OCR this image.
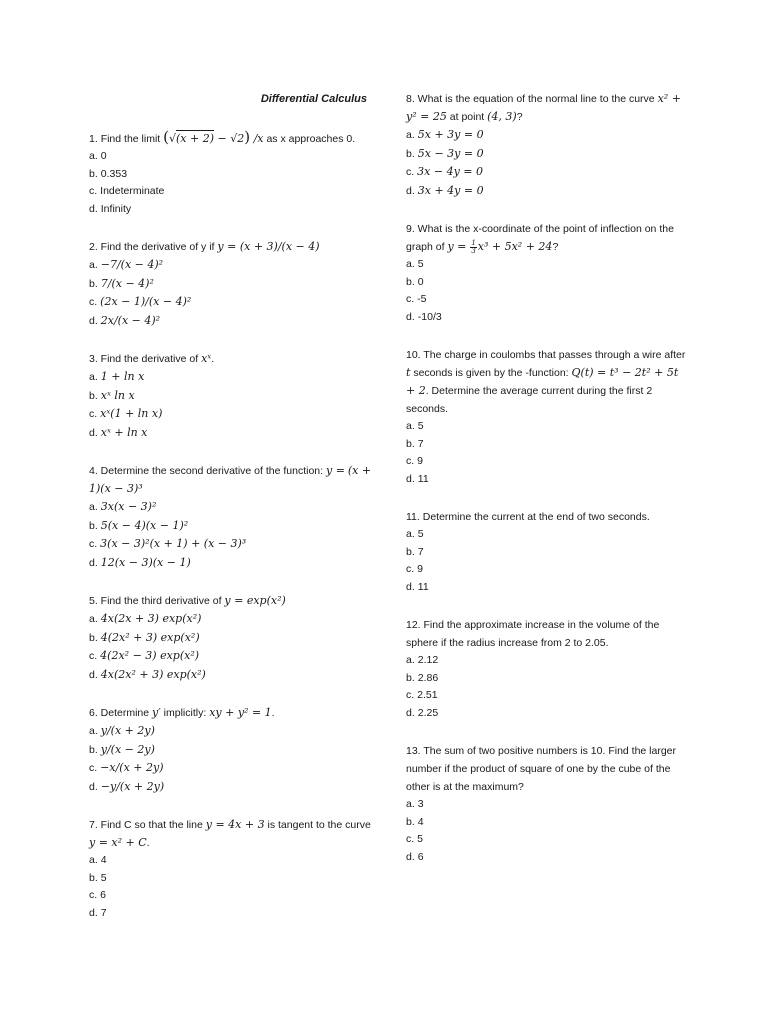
Differential Calculus
1. Find the limit (√(x + 2) − √2) /x as x approaches 0.
a. 0
b. 0.353
c. Indeterminate
d. Infinity
2. Find the derivative of y if y = (x + 3)/(x − 4)
a. −7/(x − 4)²
b. 7/(x − 4)²
c. (2x − 1)/(x − 4)²
d. 2x/(x − 4)²
3. Find the derivative of xˣ.
a. 1 + ln x
b. xˣ ln x
c. xˣ(1 + ln x)
d. xˣ + ln x
4. Determine the second derivative of the function: y = (x + 1)(x − 3)³
a. 3x(x − 3)²
b. 5(x − 4)(x − 1)²
c. 3(x − 3)²(x + 1) + (x − 3)³
d. 12(x − 3)(x − 1)
5. Find the third derivative of y = exp(x²)
a. 4x(2x + 3) exp(x²)
b. 4(2x² + 3) exp(x²)
c. 4(2x² − 3) exp(x²)
d. 4x(2x² + 3) exp(x²)
6. Determine y′ implicitly: xy + y² = 1.
a. y/(x + 2y)
b. y/(x − 2y)
c. −x/(x + 2y)
d. −y/(x + 2y)
7. Find C so that the line y = 4x + 3 is tangent to the curve y = x² + C.
a. 4
b. 5
c. 6
d. 7
8. What is the equation of the normal line to the curve x² + y² = 25 at point (4, 3)?
a. 5x + 3y = 0
b. 5x − 3y = 0
c. 3x − 4y = 0
d. 3x + 4y = 0
9. What is the x-coordinate of the point of inflection on the graph of $y = \frac{1}{3} x^3 + 5x^2 + 24$?
a. 5
b. 0
c. -5
d. -10/3
10. The charge in coulombs that passes through a wire after t seconds is given by the -function: Q(t) = t³ − 2t² + 5t + 2. Determine the average current during the first 2 seconds.
a. 5
b. 7
c. 9
d. 11
11. Determine the current at the end of two seconds.
a. 5
b. 7
c. 9
d. 11
12. Find the approximate increase in the volume of the sphere if the radius increase from 2 to 2.05.
a. 2.12
b. 2.86
c. 2.51
d. 2.25
13. The sum of two positive numbers is 10. Find the larger number if the product of square of one by the cube of the other is at the maximum?
a. 3
b. 4
c. 5
d. 6
